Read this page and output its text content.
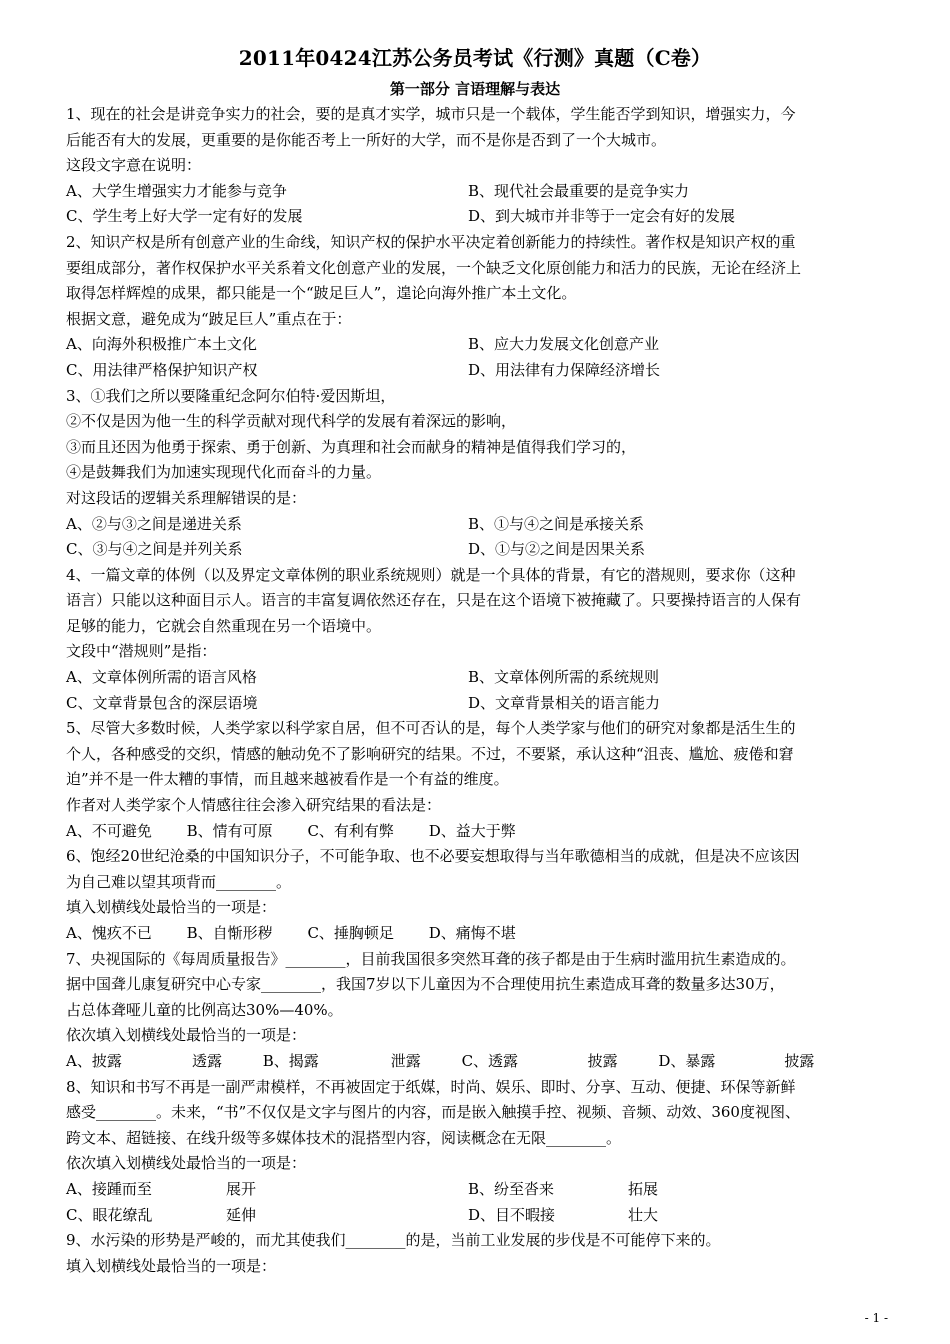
2011年0424江苏公务员考试《行测》真题（C卷）
第一部分 言语理解与表达

1、现在的社会是讲竞争实力的社会，要的是真才实学，城市只是一个载体，学生能否学到知识，增强实力，今

后能否有大的发展，更重要的是你能否考上一所好的大学，而不是你是否到了一个大城市。

这段文字意在说明：

A、大学生增强实力才能参与竞争	B、现代社会最重要的是竞争实力
C、学生考上好大学一定有好的发展	D、到大城市并非等于一定会有好的发展

2、知识产权是所有创意产业的生命线，知识产权的保护水平决定着创新能力的持续性。著作权是知识产权的重

要组成部分，著作权保护水平关系着文化创意产业的发展，一个缺乏文化原创能力和活力的民族，无论在经济上

取得怎样辉煌的成果，都只能是一个“跛足巨人”，遑论向海外推广本土文化。

根据文意，避免成为“跛足巨人”重点在于：

A、向海外积极推广本土文化	B、应大力发展文化创意产业
C、用法律严格保护知识产权	D、用法律有力保障经济增长

3、①我们之所以要隆重纪念阿尔伯特·爱因斯坦，

②不仅是因为他一生的科学贡献对现代科学的发展有着深远的影响，

③而且还因为他勇于探索、勇于创新、为真理和社会而献身的精神是值得我们学习的，

④是鼓舞我们为加速实现现代化而奋斗的力量。

对这段话的逻辑关系理解错误的是：

A、②与③之间是递进关系	B、①与④之间是承接关系
C、③与④之间是并列关系	D、①与②之间是因果关系

4、一篇文章的体例（以及界定文章体例的职业系统规则）就是一个具体的背景，有它的潜规则，要求你（这种

语言）只能以这种面目示人。语言的丰富复调依然还存在，只是在这个语境下被掩藏了。只要操持语言的人保有

足够的能力，它就会自然重现在另一个语境中。

文段中“潜规则”是指：

A、文章体例所需的语言风格	B、文章体例所需的系统规则
C、文章背景包含的深层语境	D、文章背景相关的语言能力

5、尽管大多数时候，人类学家以科学家自居，但不可否认的是，每个人类学家与他们的研究对象都是活生生的

个人，各种感受的交织，情感的触动免不了影响研究的结果。不过，不要紧，承认这种“沮丧、尴尬、疲倦和窘

迫”并不是一件太糟的事情，而且越来越被看作是一个有益的维度。

作者对人类学家个人情感往往会渗入研究结果的看法是：

A、不可避免 B、情有可原 C、有利有弊 D、益大于弊

6、饱经20世纪沧桑的中国知识分子，不可能争取、也不必要妄想取得与当年歌德相当的成就，但是决不应该因

为自己难以望其项背而________。

填入划横线处最恰当的一项是：

A、愧疚不已 B、自惭形秽 C、捶胸顿足 D、痛悔不堪

7、央视国际的《每周质量报告》________，目前我国很多突然耳聋的孩子都是由于生病时滥用抗生素造成的。

据中国聋儿康复研究中心专家________，我国7岁以下儿童因为不合理使用抗生素造成耳聋的数量多达30万，

占总体聋哑儿童的比例高达30%—40%。

依次填入划横线处最恰当的一项是：

A、披露	透露	B、揭露	泄露	C、透露	披露	D、暴露	披露

8、知识和书写不再是一副严肃模样，不再被固定于纸媒，时尚、娱乐、即时、分享、互动、便捷、环保等新鲜

感受________。未来，“书”不仅仅是文字与图片的内容，而是嵌入触摸手控、视频、音频、动效、360度视图、

跨文本、超链接、在线升级等多媒体技术的混搭型内容，阅读概念在无限________。

依次填入划横线处最恰当的一项是：

A、接踵而至	展开	B、纷至沓来	拓展
C、眼花缭乱	延伸	D、目不暇接	壮大

9、水污染的形势是严峻的，而尤其使我们________的是，当前工业发展的步伐是不可能停下来的。

填入划横线处最恰当的一项是：

- 1 -
